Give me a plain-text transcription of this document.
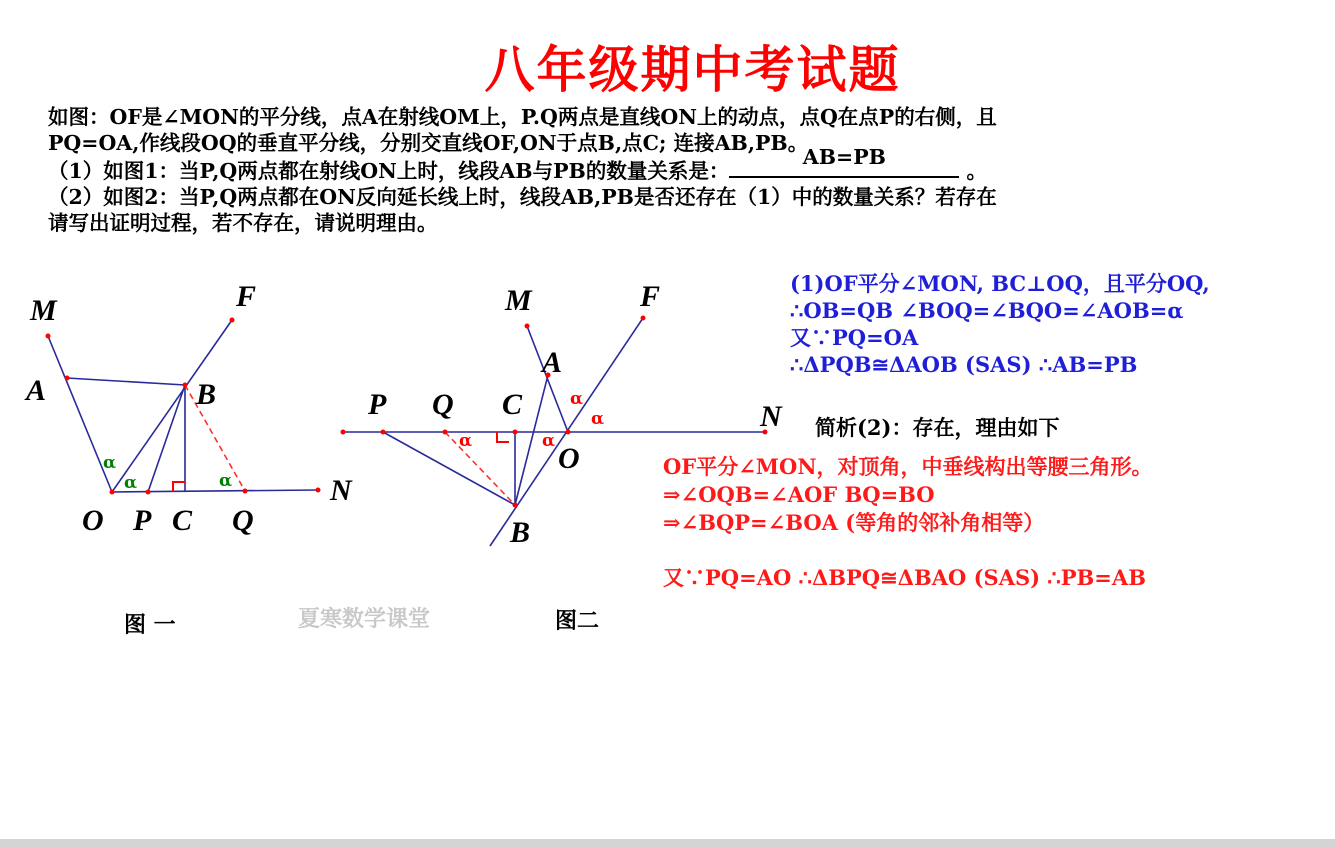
八年级期中考试题
如图：OF是∠MON的平分线，点A在射线OM上，P.Q两点是直线ON上的动点，点Q在点P的右侧，且
PQ=OA,作线段OQ的垂直平分线，分别交直线OF,ON于点B,点C; 连接AB,PB。
（1）如图1：当P,Q两点都在射线ON上时，线段AB与PB的数量关系是：
AB=PB
。
（2）如图2：当P,Q两点都在ON反向延长线上时，线段AB,PB是否还存在（1）中的数量关系？若存在
请写出证明过程，若不存在，请说明理由。
M	F
A	B
N
O P C Q
α
α	α
M	F
A
P Q C	N
O
B
α	α
α
α
图 一	夏寒数学课堂	图二
(1)OF平分∠MON, BC⊥OQ，且平分OQ,
∴OB=QB ∠BOQ=∠BQO=∠AOB=α
又∵PQ=OA
∴ΔPQB≅ΔAOB (SAS) ∴AB=PB
简析(2)：存在，理由如下
OF平分∠MON，对顶角，中垂线构出等腰三角形。
⇒∠OQB=∠AOF BQ=BO
⇒∠BQP=∠BOA (等角的邻补角相等）
又∵PQ=AO ∴ΔBPQ≅ΔBAO (SAS) ∴PB=AB
